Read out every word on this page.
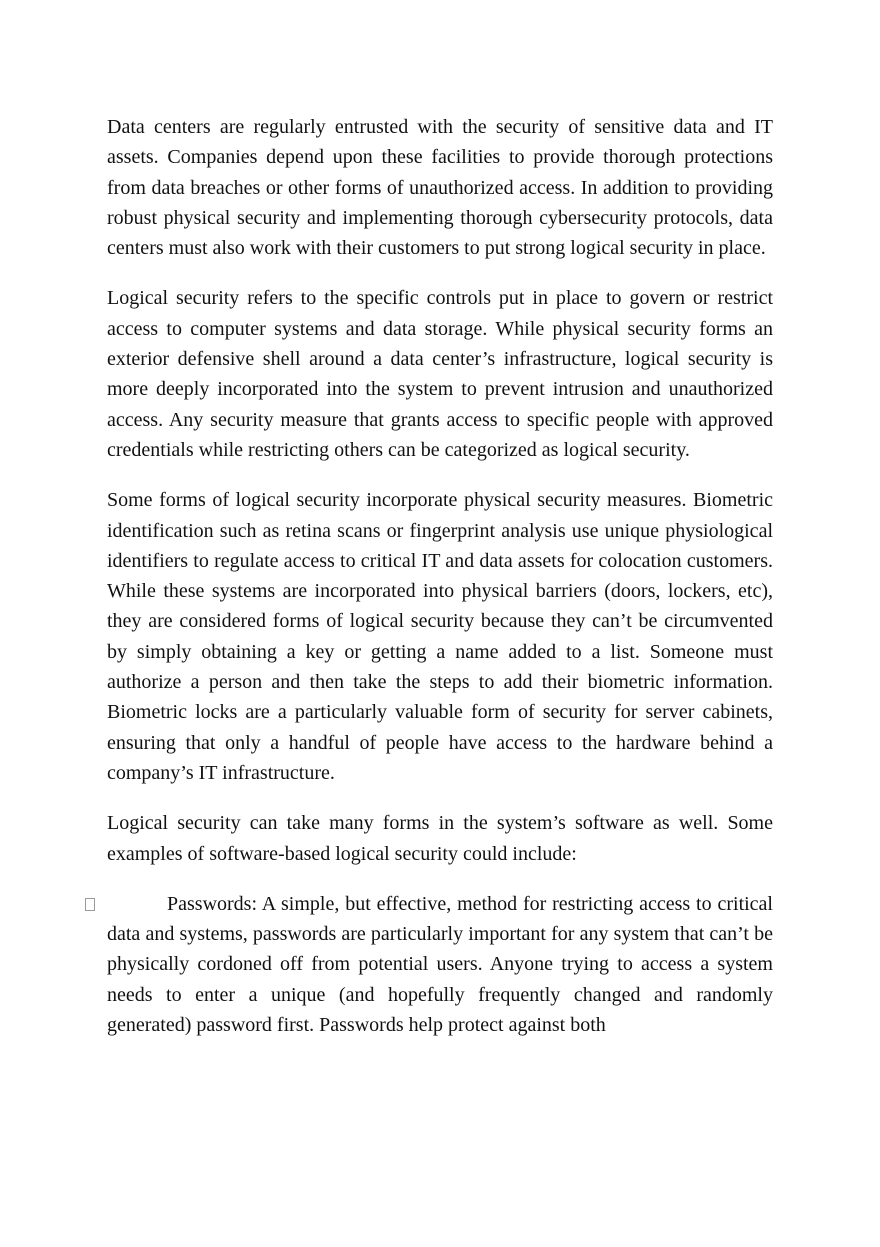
Data centers are regularly entrusted with the security of sensitive data and IT assets. Companies depend upon these facilities to provide thorough protections from data breaches or other forms of unauthorized access. In addition to providing robust physical security and implementing thorough cybersecurity protocols, data centers must also work with their customers to put strong logical security in place.

Logical security refers to the specific controls put in place to govern or restrict access to computer systems and data storage. While physical security forms an exterior defensive shell around a data center’s infrastructure, logical security is more deeply incorporated into the system to prevent intrusion and unauthorized access. Any security measure that grants access to specific people with approved credentials while restricting others can be categorized as logical security.

Some forms of logical security incorporate physical security measures. Biometric identification such as retina scans or fingerprint analysis use unique physiological identifiers to regulate access to critical IT and data assets for colocation customers. While these systems are incorporated into physical barriers (doors, lockers, etc), they are considered forms of logical security because they can’t be circumvented by simply obtaining a key or getting a name added to a list. Someone must authorize a person and then take the steps to add their biometric information. Biometric locks are a particularly valuable form of security for server cabinets, ensuring that only a handful of people have access to the hardware behind a company’s IT infrastructure.

Logical security can take many forms in the system’s software as well. Some examples of software-based logical security could include:

Passwords: A simple, but effective, method for restricting access to critical data and systems, passwords are particularly important for any system that can’t be physically cordoned off from potential users. Anyone trying to access a system needs to enter a unique (and hopefully frequently changed and randomly generated) password first. Passwords help protect against both
